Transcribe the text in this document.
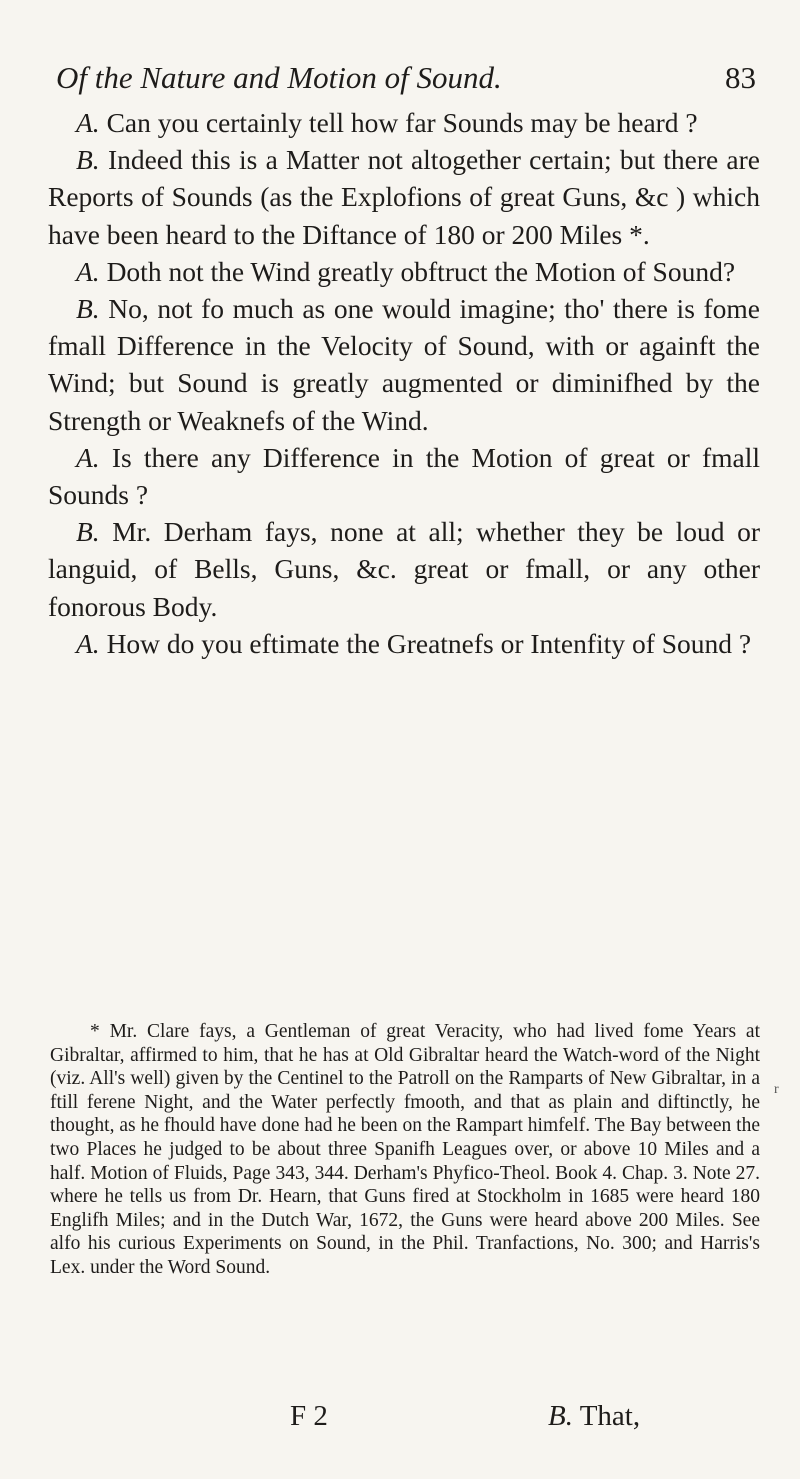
Of the Nature and Motion of Sound.	83

A. Can you certainly tell how far Sounds may be heard ?

B. Indeed this is a Matter not altogether certain; but there are Reports of Sounds (as the Explofions of great Guns, &c ) which have been heard to the Diftance of 180 or 200 Miles *.

A. Doth not the Wind greatly obftruct the Motion of Sound?

B. No, not fo much as one would imagine; tho' there is fome fmall Difference in the Velocity of Sound, with or againft the Wind; but Sound is greatly augmented or diminifhed by the Strength or Weaknefs of the Wind.

A. Is there any Difference in the Motion of great or fmall Sounds ?

B. Mr. Derham fays, none at all; whether they be loud or languid, of Bells, Guns, &c. great or fmall, or any other fonorous Body.

A. How do you eftimate the Greatnefs or Intenfity of Sound ?

* Mr. Clare fays, a Gentleman of great Veracity, who had lived fome Years at Gibraltar, affirmed to him, that he has at Old Gibraltar heard the Watch-word of the Night (viz. All's well) given by the Centinel to the Patroll on the Ramparts of New Gibraltar, in a ftill ferene Night, and the Water perfectly fmooth, and that as plain and diftinctly, he thought, as he fhould have done had he been on the Rampart himfelf. The Bay between the two Places he judged to be about three Spanifh Leagues over, or above 10 Miles and a half. Motion of Fluids, Page 343, 344. Derham's Phyfico-Theol. Book 4. Chap. 3. Note 27. where he tells us from Dr. Hearn, that Guns fired at Stockholm in 1685 were heard 180 Englifh Miles; and in the Dutch War, 1672, the Guns were heard above 200 Miles. See alfo his curious Experiments on Sound, in the Phil. Tranfactions, No. 300; and Harris's Lex. under the Word Sound.

r
F 2	B. That,
